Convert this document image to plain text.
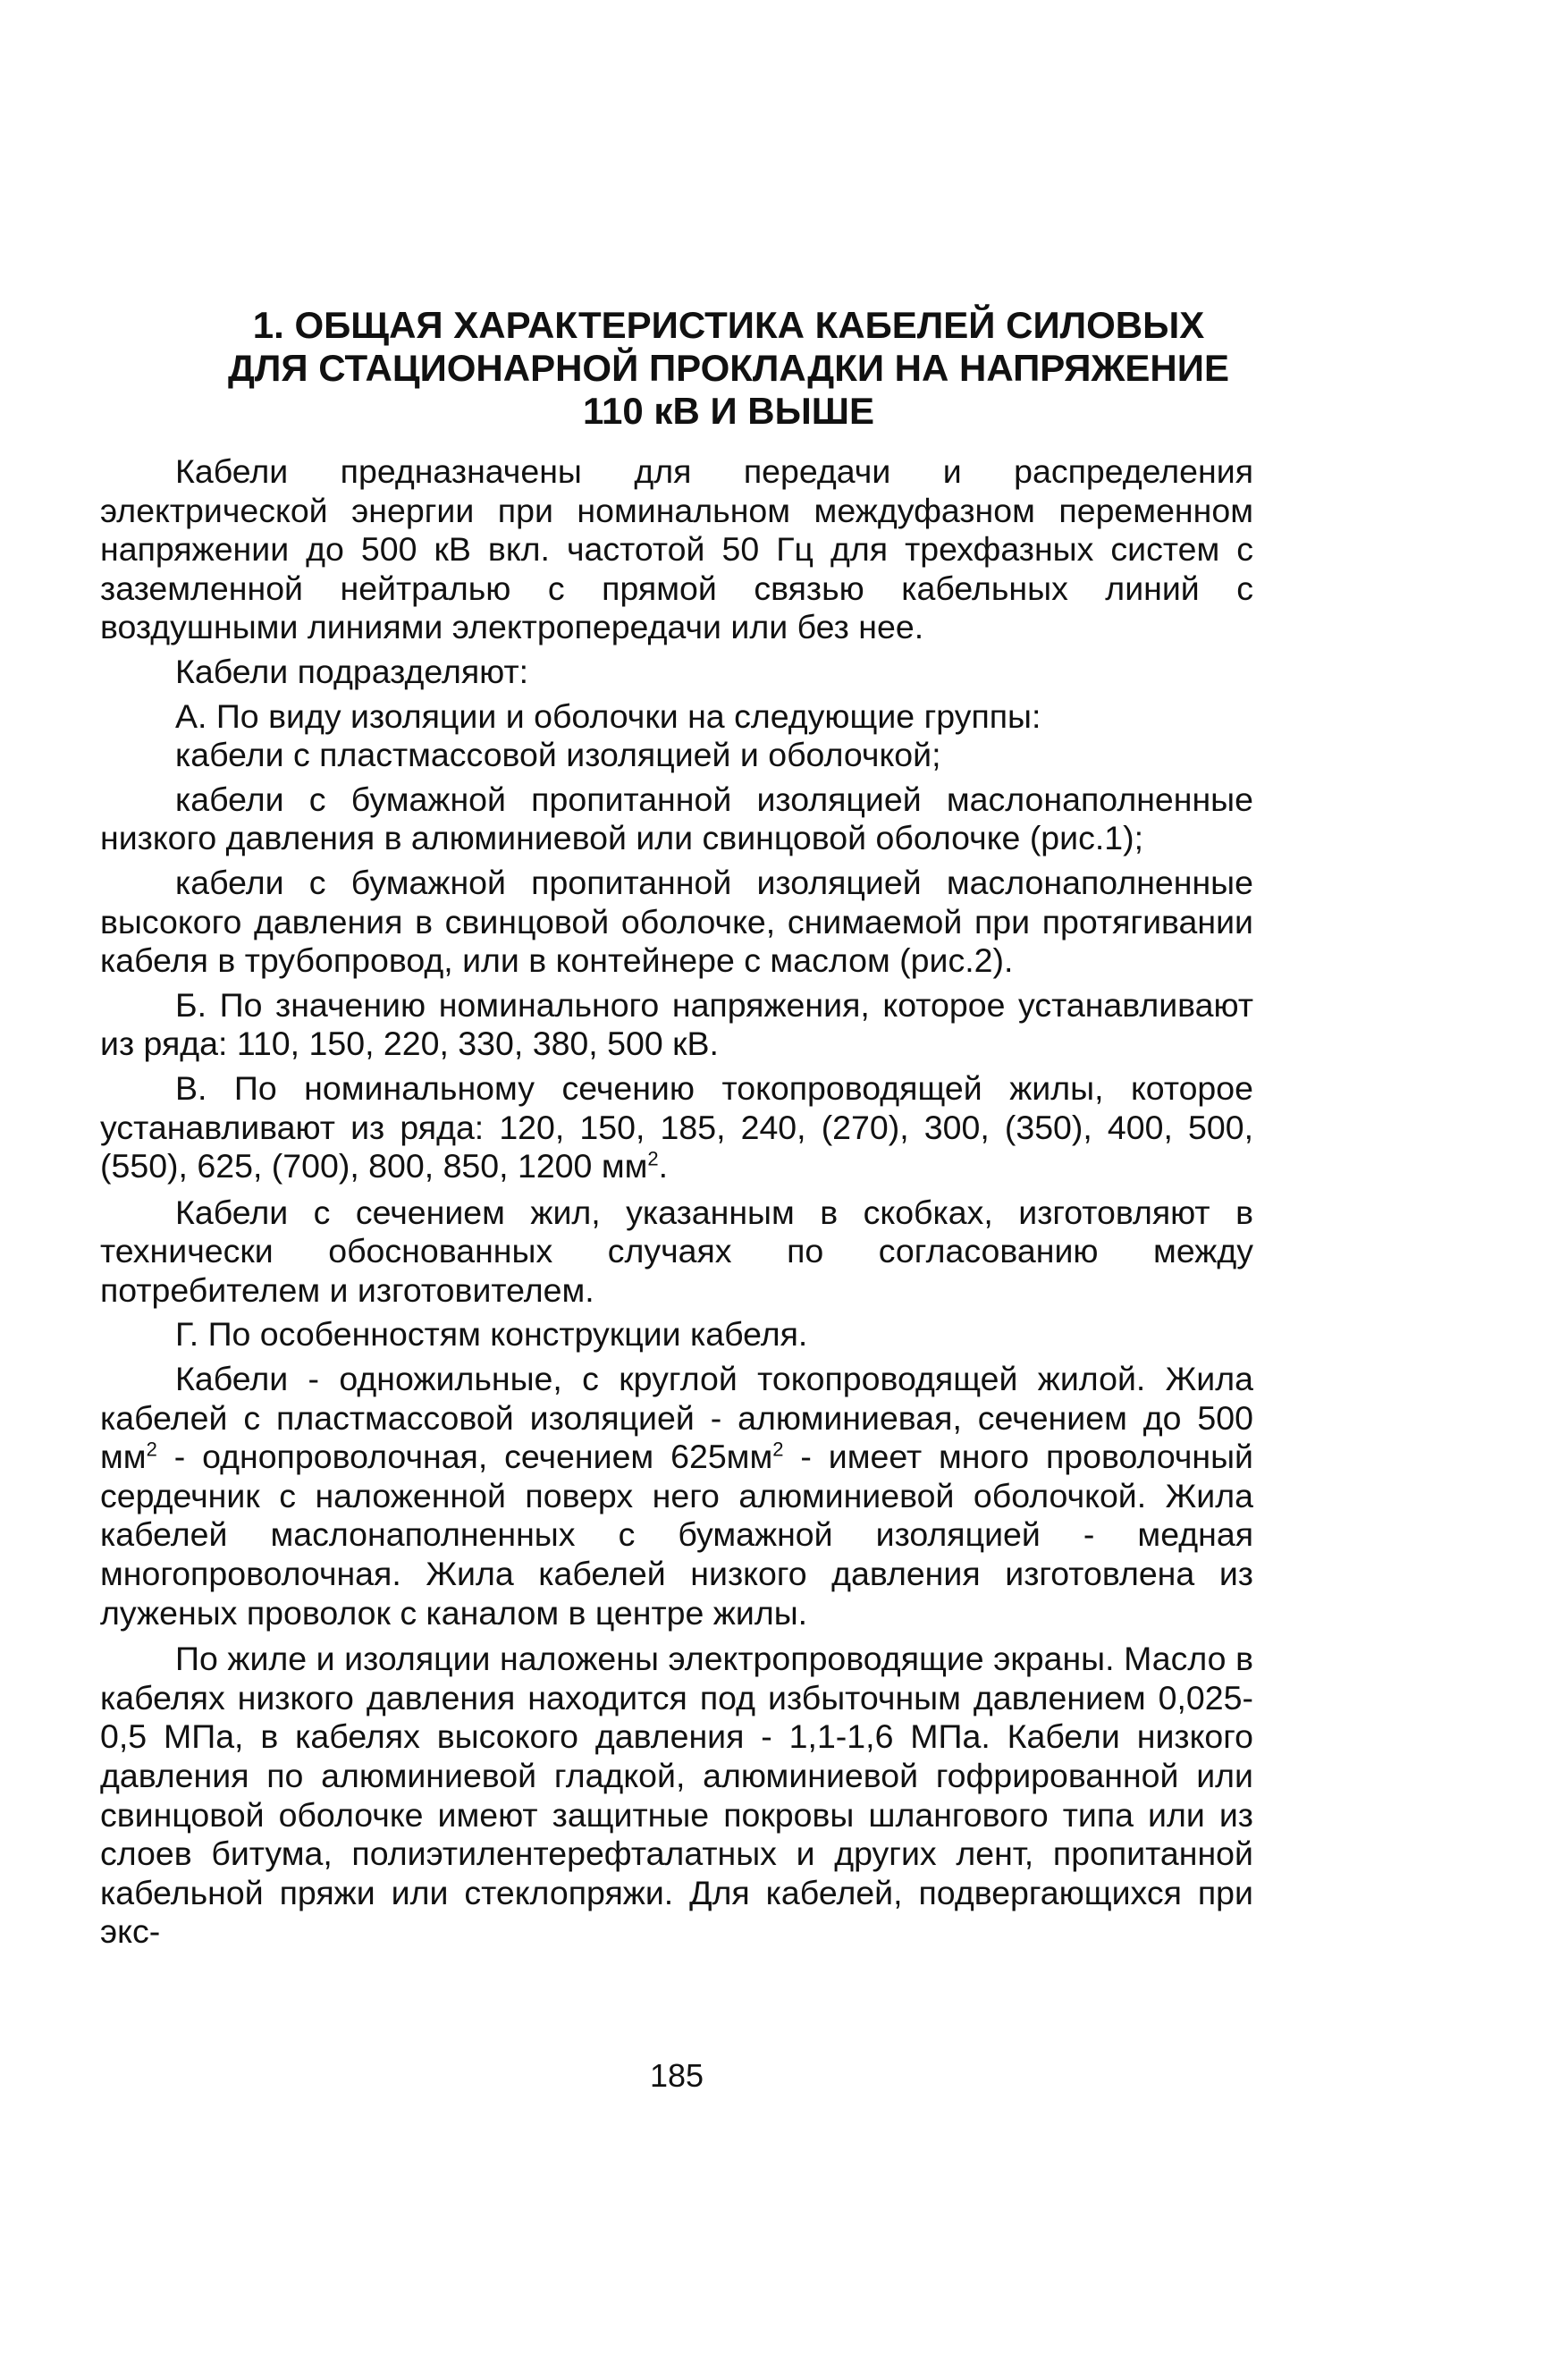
1. ОБЩАЯ ХАРАКТЕРИСТИКА КАБЕЛЕЙ СИЛОВЫХ
ДЛЯ СТАЦИОНАРНОЙ ПРОКЛАДКИ НА НАПРЯЖЕНИЕ
110 кВ И ВЫШЕ

Кабели предназначены для передачи и распределения электрической энергии при номинальном междуфазном переменном напряжении до 500 кВ вкл. частотой 50 Гц для трехфазных систем с заземленной нейтралью с прямой связью кабельных линий с воздушными линиями электропередачи или без нее.

Кабели подразделяют:

А. По виду изоляции и оболочки на следующие группы:

кабели с пластмассовой изоляцией и оболочкой;

кабели с бумажной пропитанной изоляцией маслонаполненные низкого давления в алюминиевой или свинцовой оболочке (рис.1);

кабели с бумажной пропитанной изоляцией маслонаполненные высокого давления в свинцовой оболочке, снимаемой при протягивании кабеля в трубопровод, или в контейнере с маслом (рис.2).

Б. По значению номинального напряжения, которое устанавливают из ряда: 110, 150, 220, 330, 380, 500 кВ.

В. По номинальному сечению токопроводящей жилы, которое устанавливают из ряда: 120, 150, 185, 240, (270), 300, (350), 400, 500, (550), 625, (700), 800, 850, 1200 $мм^2$.

Кабели с сечением жил, указанным в скобках, изготовляют в технически обоснованных случаях по согласованию между потребителем и изготовителем.

Г. По особенностям конструкции кабеля.

Кабели - одножильные, с круглой токопроводящей жилой. Жила кабелей с пластмассовой изоляцией - алюминиевая, сечением до 500 $мм^2$ - однопроволочная, сечением $625мм^2$ - имеет много проволочный сердечник с наложенной поверх него алюминиевой оболочкой. Жила кабелей маслонаполненных с бумажной изоляцией - медная многопроволочная. Жила кабелей низкого давления изготовлена из луженых проволок с каналом в центре жилы.

По жиле и изоляции наложены электропроводящие экраны. Масло в кабелях низкого давления находится под избыточным давлением 0,025-0,5 МПа, в кабелях высокого давления - 1,1-1,6 МПа. Кабели низкого давления по алюминиевой гладкой, алюминиевой гофрированной или свинцовой оболочке имеют защитные покровы шлангового типа или из слоев битума, полиэтилентерефталатных и других лент, пропитанной кабельной пряжи или стеклопряжи. Для кабелей, подвергающихся при экс-

185
